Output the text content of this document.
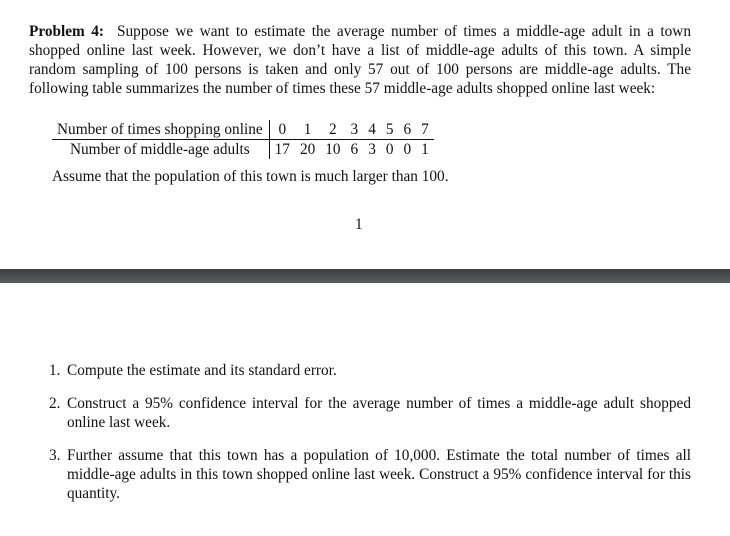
Problem 4: Suppose we want to estimate the average number of times a middle-age adult in a town shopped online last week. However, we don’t have a list of middle-age adults of this town. A simple random sampling of 100 persons is taken and only 57 out of 100 persons are middle-age adults. The following table summarizes the number of times these 57 middle-age adults shopped online last week:
Number of times shopping online	0	1	2	3	4	5	6	7
Number of middle-age adults	17	20	10	6	3	0	0	1
Assume that the population of this town is much larger than 100.
1
1. Compute the estimate and its standard error.
2. Construct a 95% confidence interval for the average number of times a middle-age adult shopped online last week.
3. Further assume that this town has a population of 10,000. Estimate the total number of times all middle-age adults in this town shopped online last week. Construct a 95% confidence interval for this quantity.
